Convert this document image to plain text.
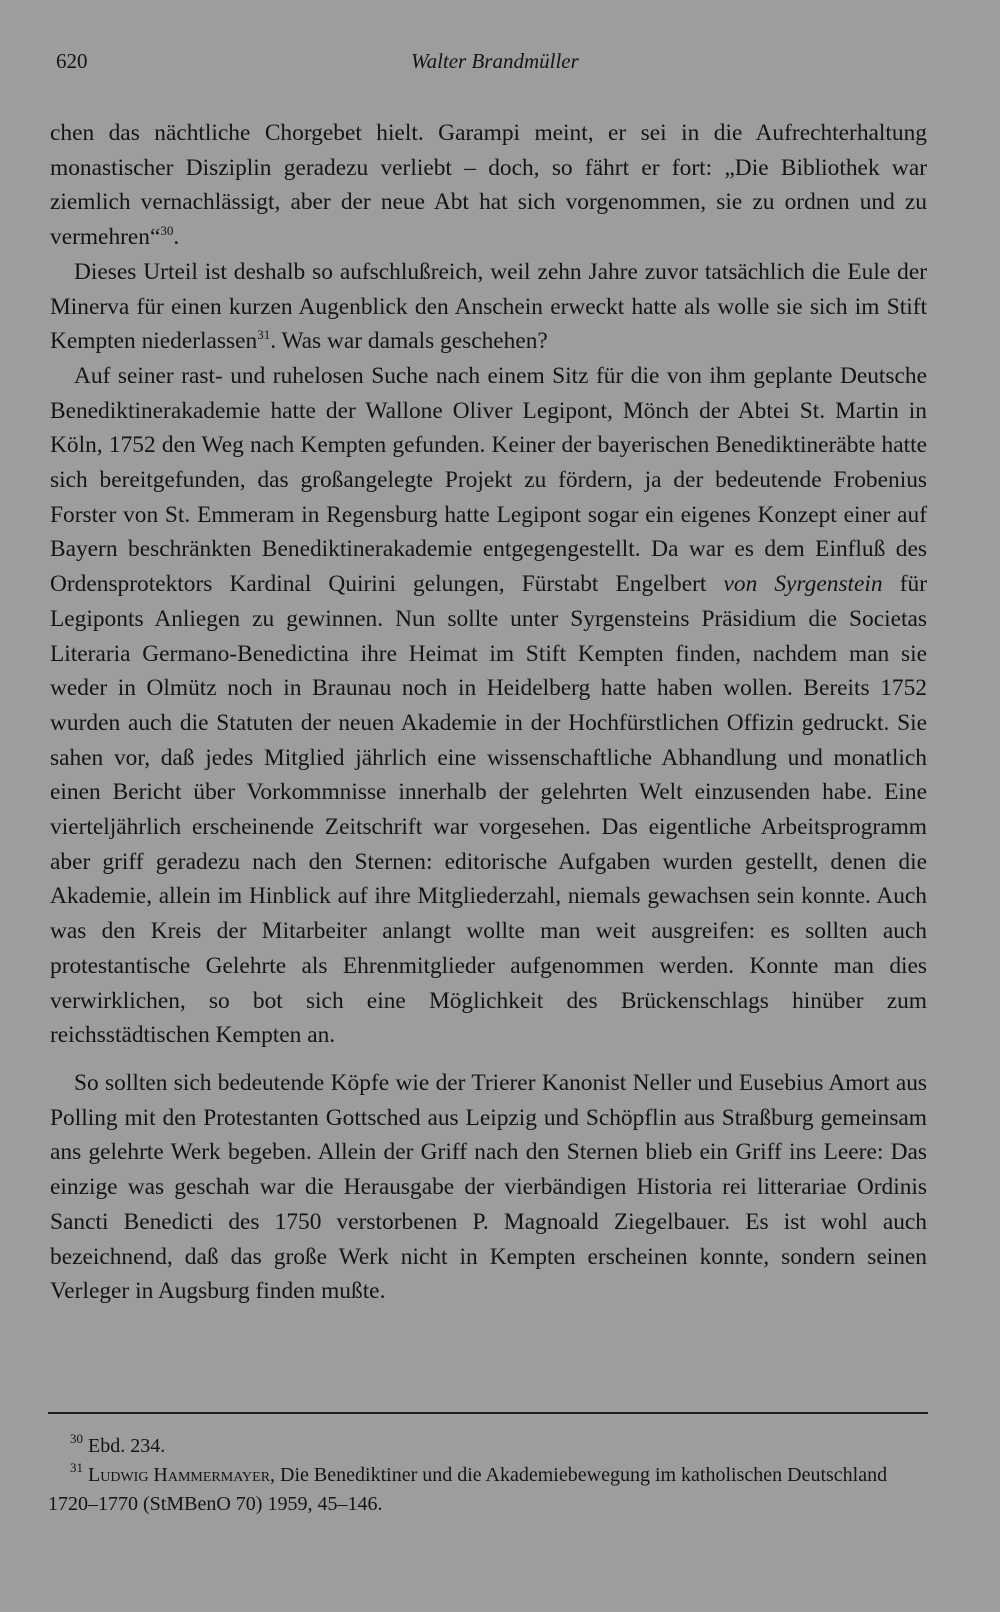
620	Walter Brandmüller

chen das nächtliche Chorgebet hielt. Garampi meint, er sei in die Aufrechterhaltung monastischer Disziplin geradezu verliebt – doch, so fährt er fort: „Die Bibliothek war ziemlich vernachlässigt, aber der neue Abt hat sich vorgenommen, sie zu ordnen und zu vermehren“$^{30}$.

Dieses Urteil ist deshalb so aufschlußreich, weil zehn Jahre zuvor tatsächlich die Eule der Minerva für einen kurzen Augenblick den Anschein erweckt hatte als wolle sie sich im Stift Kempten niederlassen$^{31}$. Was war damals geschehen?

Auf seiner rast- und ruhelosen Suche nach einem Sitz für die von ihm geplante Deutsche Benediktinerakademie hatte der Wallone Oliver Legipont, Mönch der Abtei St. Martin in Köln, 1752 den Weg nach Kempten gefunden. Keiner der bayerischen Benediktineräbte hatte sich bereitgefunden, das großangelegte Projekt zu fördern, ja der bedeutende Frobenius Forster von St. Emmeram in Regensburg hatte Legipont sogar ein eigenes Konzept einer auf Bayern beschränkten Benediktinerakademie entgegengestellt. Da war es dem Einfluß des Ordensprotektors Kardinal Quirini gelungen, Fürstabt Engelbert von Syrgenstein für Legiponts Anliegen zu gewinnen. Nun sollte unter Syrgensteins Präsidium die Societas Literaria Germano-Benedictina ihre Heimat im Stift Kempten finden, nachdem man sie weder in Olmütz noch in Braunau noch in Heidelberg hatte haben wollen. Bereits 1752 wurden auch die Statuten der neuen Akademie in der Hochfürstlichen Offizin gedruckt. Sie sahen vor, daß jedes Mitglied jährlich eine wissenschaftliche Abhandlung und monatlich einen Bericht über Vorkommnisse innerhalb der gelehrten Welt einzusenden habe. Eine vierteljährlich erscheinende Zeitschrift war vorgesehen. Das eigentliche Arbeitsprogramm aber griff geradezu nach den Sternen: editorische Aufgaben wurden gestellt, denen die Akademie, allein im Hinblick auf ihre Mitgliederzahl, niemals gewachsen sein konnte. Auch was den Kreis der Mitarbeiter anlangt wollte man weit ausgreifen: es sollten auch protestantische Gelehrte als Ehrenmitglieder aufgenommen werden. Konnte man dies verwirklichen, so bot sich eine Möglichkeit des Brückenschlags hinüber zum reichsstädtischen Kempten an.

So sollten sich bedeutende Köpfe wie der Trierer Kanonist Neller und Eusebius Amort aus Polling mit den Protestanten Gottsched aus Leipzig und Schöpflin aus Straßburg gemeinsam ans gelehrte Werk begeben. Allein der Griff nach den Sternen blieb ein Griff ins Leere: Das einzige was geschah war die Herausgabe der vierbändigen Historia rei litterariae Ordinis Sancti Benedicti des 1750 verstorbenen P. Magnoald Ziegelbauer. Es ist wohl auch bezeichnend, daß das große Werk nicht in Kempten erscheinen konnte, sondern seinen Verleger in Augsburg finden mußte.

$^{30}$ Ebd. 234.

$^{31}$ Ludwig Hammermayer, Die Benediktiner und die Akademiebewegung im katholischen Deutschland 1720–1770 (StMBenO 70) 1959, 45–146.
